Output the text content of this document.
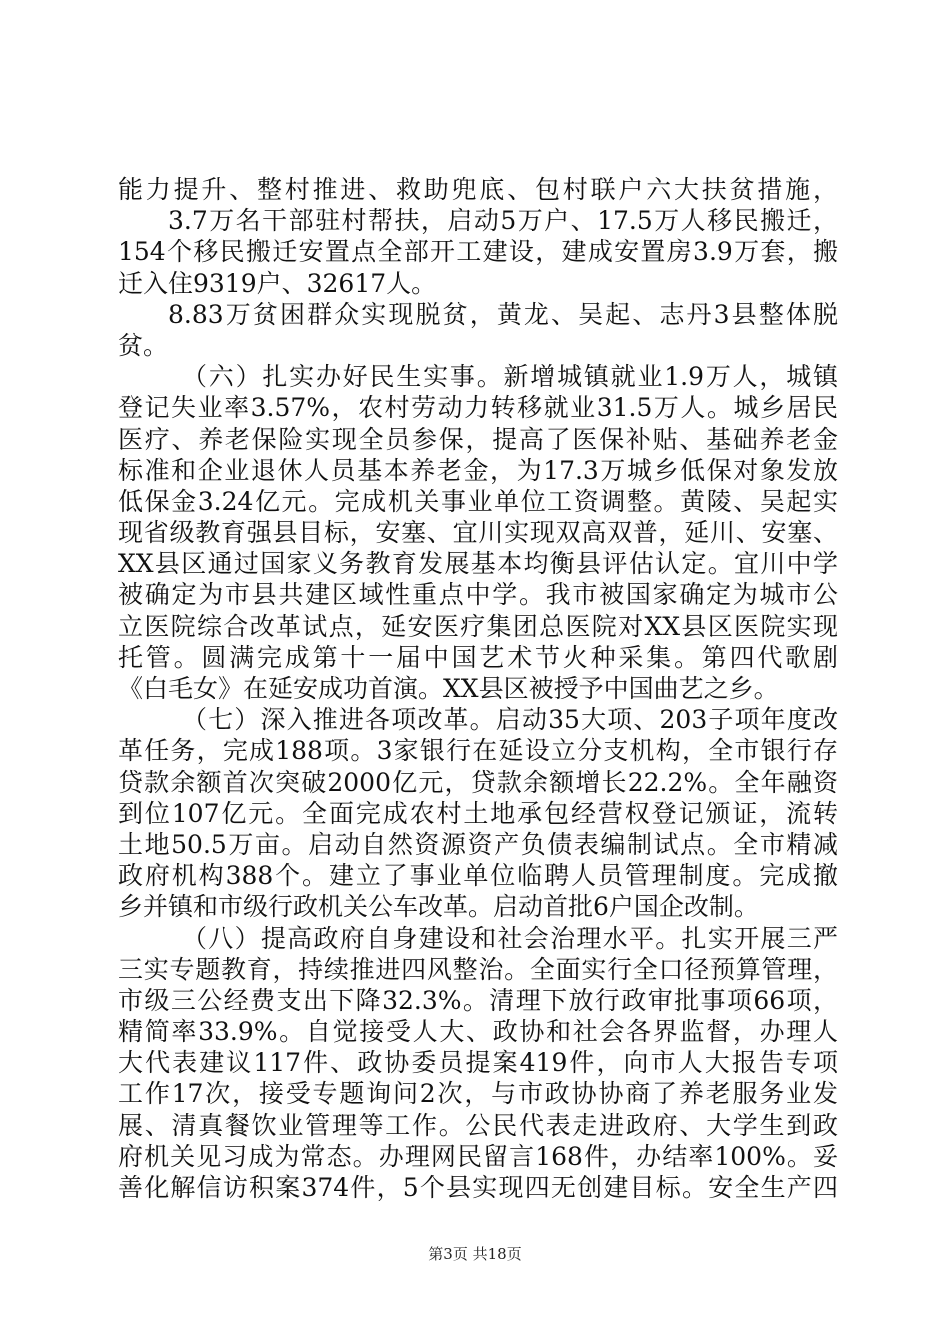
能力提升、整村推进、救助兜底、包村联户六大扶贫措施，
3.7万名干部驻村帮扶，启动5万户、17.5万人移民搬迁，
154个移民搬迁安置点全部开工建设，建成安置房3.9万套，搬
迁入住9319户、32617人。
8.83万贫困群众实现脱贫，黄龙、吴起、志丹3县整体脱
贫。
（六）扎实办好民生实事。新增城镇就业1.9万人，城镇
登记失业率3.57%，农村劳动力转移就业31.5万人。城乡居民
医疗、养老保险实现全员参保，提高了医保补贴、基础养老金
标准和企业退休人员基本养老金，为17.3万城乡低保对象发放
低保金3.24亿元。完成机关事业单位工资调整。黄陵、吴起实
现省级教育强县目标，安塞、宜川实现双高双普，延川、安塞、
XX县区通过国家义务教育发展基本均衡县评估认定。宜川中学
被确定为市县共建区域性重点中学。我市被国家确定为城市公
立医院综合改革试点，延安医疗集团总医院对XX县区医院实现
托管。圆满完成第十一届中国艺术节火种采集。第四代歌剧
《白毛女》在延安成功首演。XX县区被授予中国曲艺之乡。
（七）深入推进各项改革。启动35大项、203子项年度改
革任务，完成188项。3家银行在延设立分支机构，全市银行存
贷款余额首次突破2000亿元，贷款余额增长22.2%。全年融资
到位107亿元。全面完成农村土地承包经营权登记颁证，流转
土地50.5万亩。启动自然资源资产负债表编制试点。全市精减
政府机构388个。建立了事业单位临聘人员管理制度。完成撤
乡并镇和市级行政机关公车改革。启动首批6户国企改制。
（八）提高政府自身建设和社会治理水平。扎实开展三严
三实专题教育，持续推进四风整治。全面实行全口径预算管理，
市级三公经费支出下降32.3%。清理下放行政审批事项66项，
精简率33.9%。自觉接受人大、政协和社会各界监督，办理人
大代表建议117件、政协委员提案419件，向市人大报告专项
工作17次，接受专题询问2次，与市政协协商了养老服务业发
展、清真餐饮业管理等工作。公民代表走进政府、大学生到政
府机关见习成为常态。办理网民留言168件，办结率100%。妥
善化解信访积案374件，5个县实现四无创建目标。安全生产四
第3页 共18页
